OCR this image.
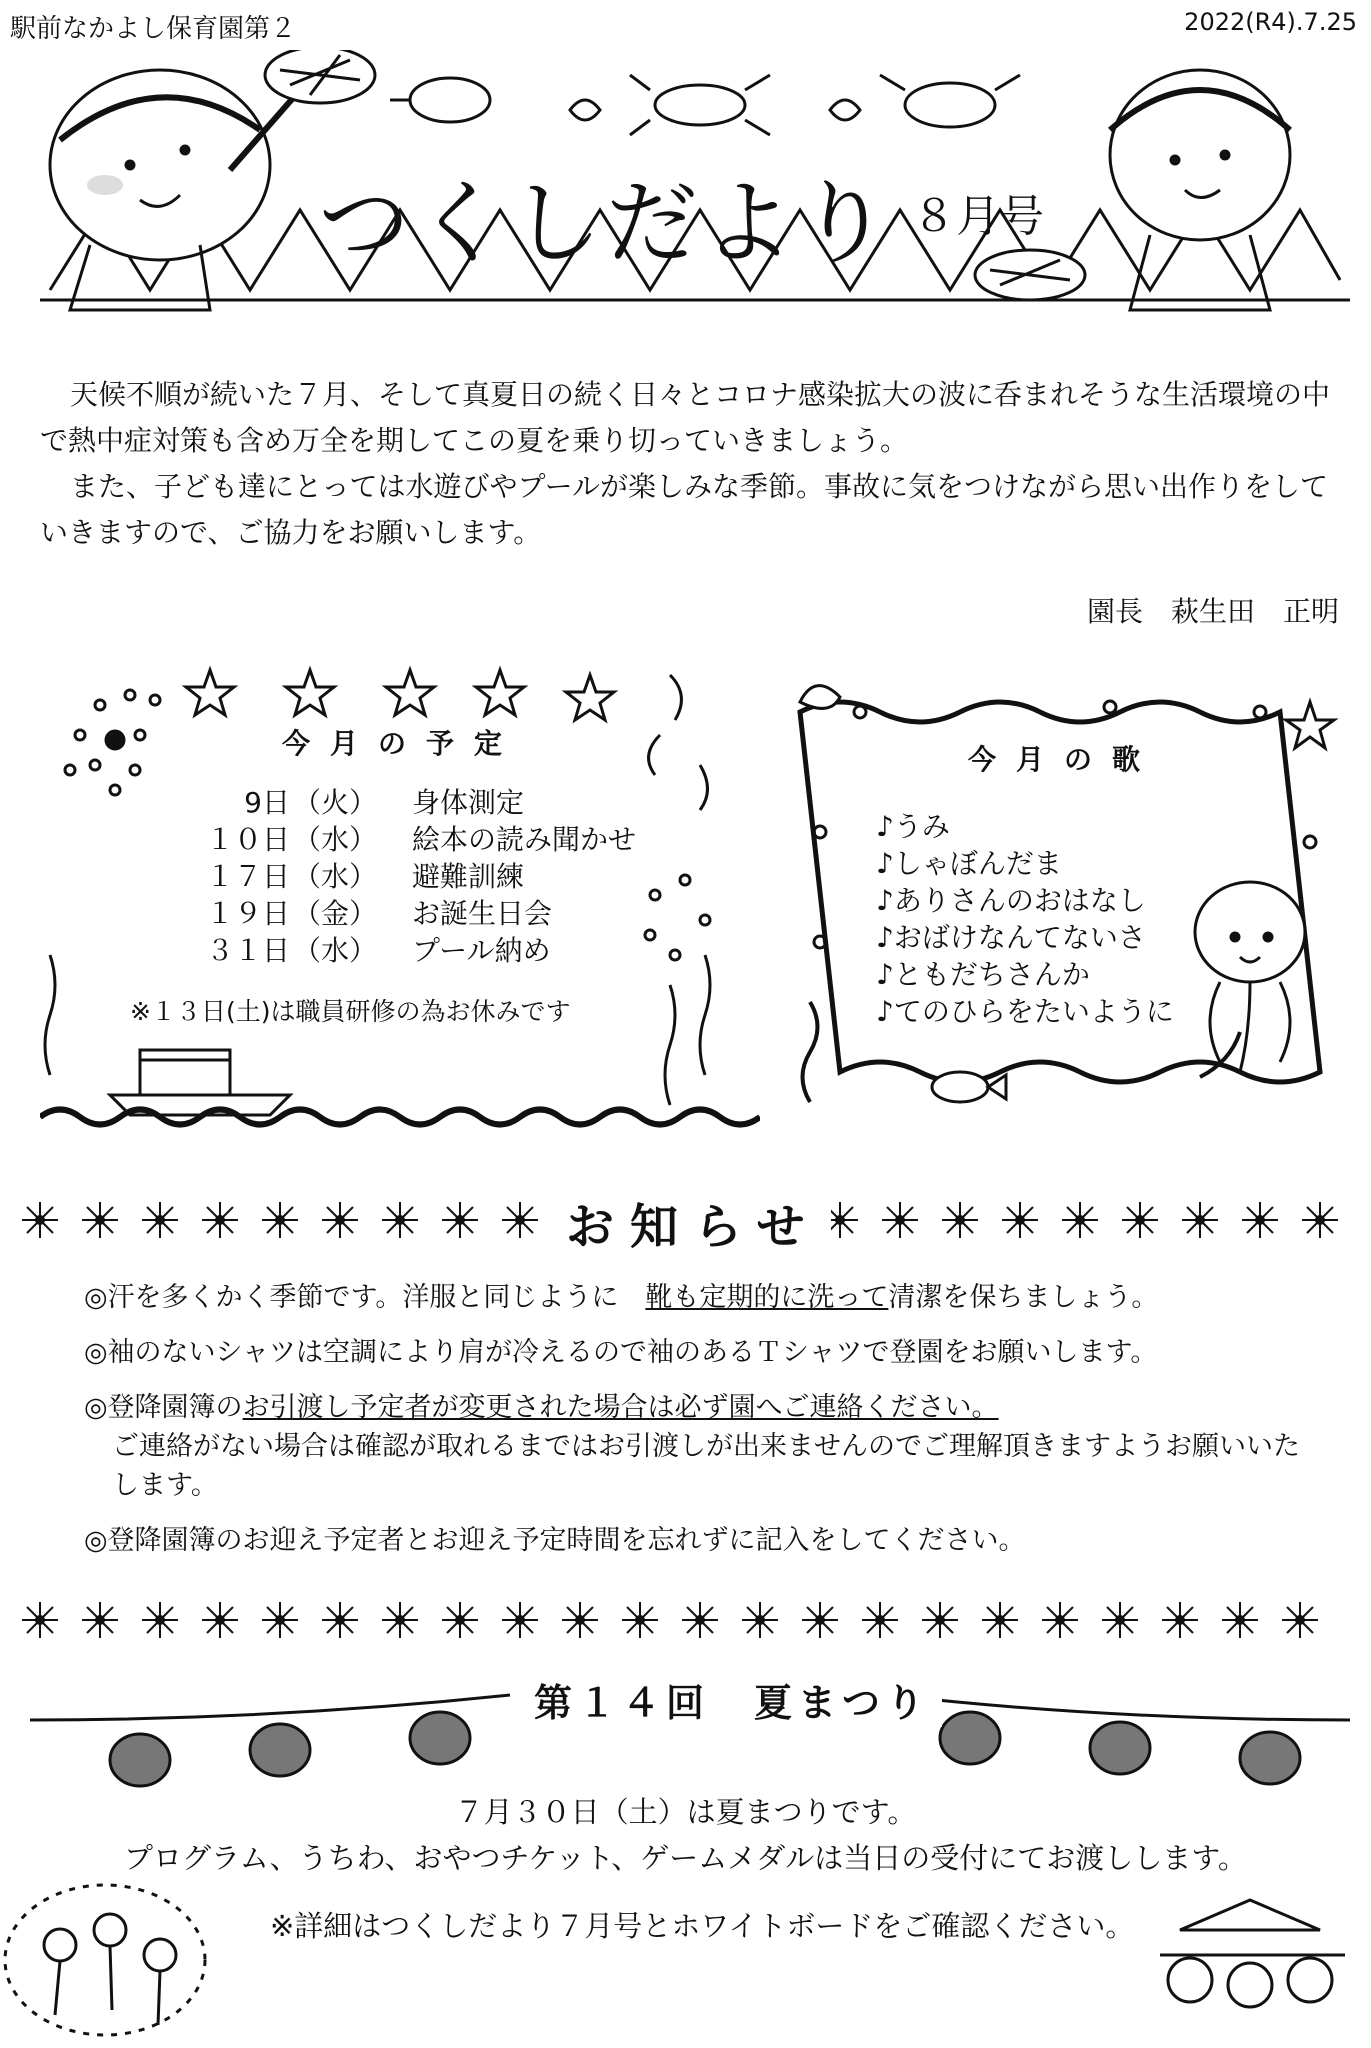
駅前なかよし保育園第２	2022(R4).7.25
つくしだより ８月号

天候不順が続いた７月、そして真夏日の続く日々とコロナ感染拡大の波に呑まれそうな生活環境の中で熱中症対策も含め万全を期してこの夏を乗り切っていきましょう。

また、子ども達にとっては水遊びやプールが楽しみな季節。事故に気をつけながら思い出作りをしていきますので、ご協力をお願いします。

園長　萩生田　正明
今月の予定
9日 （火）	身体測定
１０日 （水）	絵本の読み聞かせ
１７日 （水）	避難訓練
１９日 （金）	お誕生日会
３１日 （水）	プール納め
※１３日(土)は職員研修の為お休みです
今月の歌
♪うみ
♪しゃぼんだま
♪ありさんのおはなし
♪おばけなんてないさ
♪ともだちさんか
♪てのひらをたいように
お知らせ

◎汗を多くかく季節です。洋服と同じように　靴も定期的に洗って清潔を保ちましょう。

◎袖のないシャツは空調により肩が冷えるので袖のあるＴシャツで登園をお願いします。

◎登降園簿のお引渡し予定者が変更された場合は必ず園へご連絡ください。
ご連絡がない場合は確認が取れるまではお引渡しが出来ませんのでご理解頂きますようお願いいたします。

◎登降園簿のお迎え予定者とお迎え予定時間を忘れずに記入をしてください。

第１４回　夏まつり
７月３０日（土）は夏まつりです。
プログラム、うちわ、おやつチケット、ゲームメダルは当日の受付にてお渡しします。
※詳細はつくしだより７月号とホワイトボードをご確認ください。
